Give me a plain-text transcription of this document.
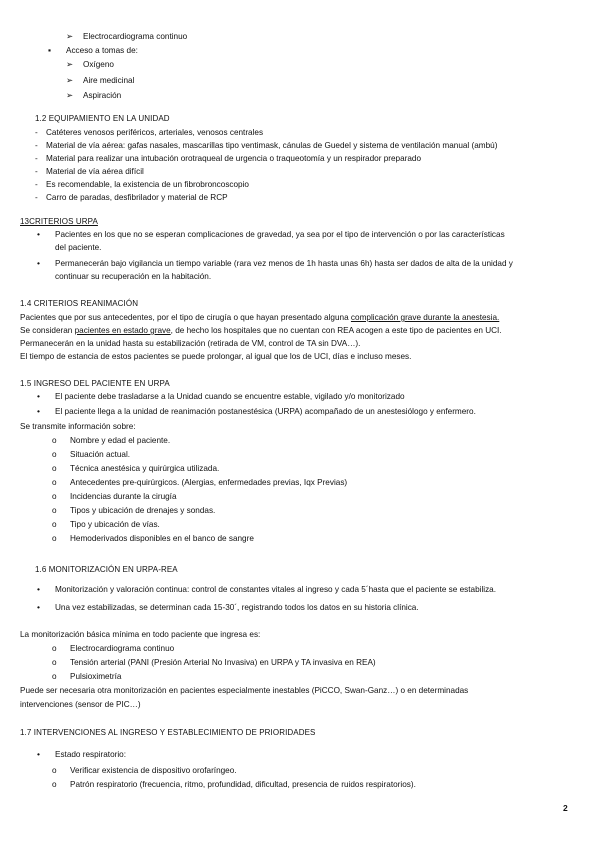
➢ Electrocardiograma continuo
▪ Acceso a tomas de:
➢ Oxígeno
➢ Aire medicinal
➢ Aspiración
1.2 EQUIPAMIENTO EN LA UNIDAD
- Catéteres venosos periféricos, arteriales, venosos centrales
- Material de vía aérea: gafas nasales, mascarillas tipo ventimask, cánulas de Guedel y sistema de ventilación manual (ambú)
- Material para realizar una intubación orotraqueal de urgencia o traqueotomía y un respirador preparado
- Material de vía aérea difícil
- Es recomendable, la existencia de un fibrobroncoscopio
- Carro de paradas, desfibrilador y material de RCP
13CRITERIOS URPA
• Pacientes en los que no se esperan complicaciones de gravedad, ya sea por el tipo de intervención o por las características
del paciente.
• Permanecerán bajo vigilancia un tiempo variable (rara vez menos de 1h hasta unas 6h) hasta ser dados de alta de la unidad y
continuar su recuperación en la habitación.
1.4 CRITERIOS REANIMACIÓN
Pacientes que por sus antecedentes, por el tipo de cirugía o que hayan presentado alguna complicación grave durante la anestesia.
Se consideran pacientes en estado grave, de hecho los hospitales que no cuentan con REA acogen a este tipo de pacientes en UCI.
Permanecerán en la unidad hasta su estabilización (retirada de VM, control de TA sin DVA…).
El tiempo de estancia de estos pacientes se puede prolongar, al igual que los de UCI, días e incluso meses.
1.5 INGRESO DEL PACIENTE EN URPA
• El paciente debe trasladarse a la Unidad cuando se encuentre estable, vigilado y/o monitorizado
• El paciente llega a la unidad de reanimación postanestésica (URPA) acompañado de un anestesiólogo y enfermero.
Se transmite información sobre:
o Nombre y edad el paciente.
o Situación actual.
o Técnica anestésica y quirúrgica utilizada.
o Antecedentes pre-quirúrgicos. (Alergias, enfermedades previas, Iqx Previas)
o Incidencias durante la cirugía
o Tipos y ubicación de drenajes y sondas.
o Tipo y ubicación de vías.
o Hemoderivados disponibles en el banco de sangre
1.6 MONITORIZACIÓN EN URPA-REA
• Monitorización y valoración continua: control de constantes vitales al ingreso y cada 5´hasta que el paciente se estabiliza.
• Una vez estabilizadas, se determinan cada 15-30´, registrando todos los datos en su historia clínica.
La monitorización básica mínima en todo paciente que ingresa es:
o Electrocardiograma continuo
o Tensión arterial (PANI (Presión Arterial No Invasiva) en URPA y TA invasiva en REA)
o Pulsioximetría
Puede ser necesaria otra monitorización en pacientes especialmente inestables (PiCCO, Swan-Ganz…) o en determinadas
intervenciones (sensor de PIC…)
1.7 INTERVENCIONES AL INGRESO Y ESTABLECIMIENTO DE PRIORIDADES
• Estado respiratorio:
o Verificar existencia de dispositivo orofaríngeo.
o Patrón respiratorio (frecuencia, ritmo, profundidad, dificultad, presencia de ruidos respiratorios).
2
